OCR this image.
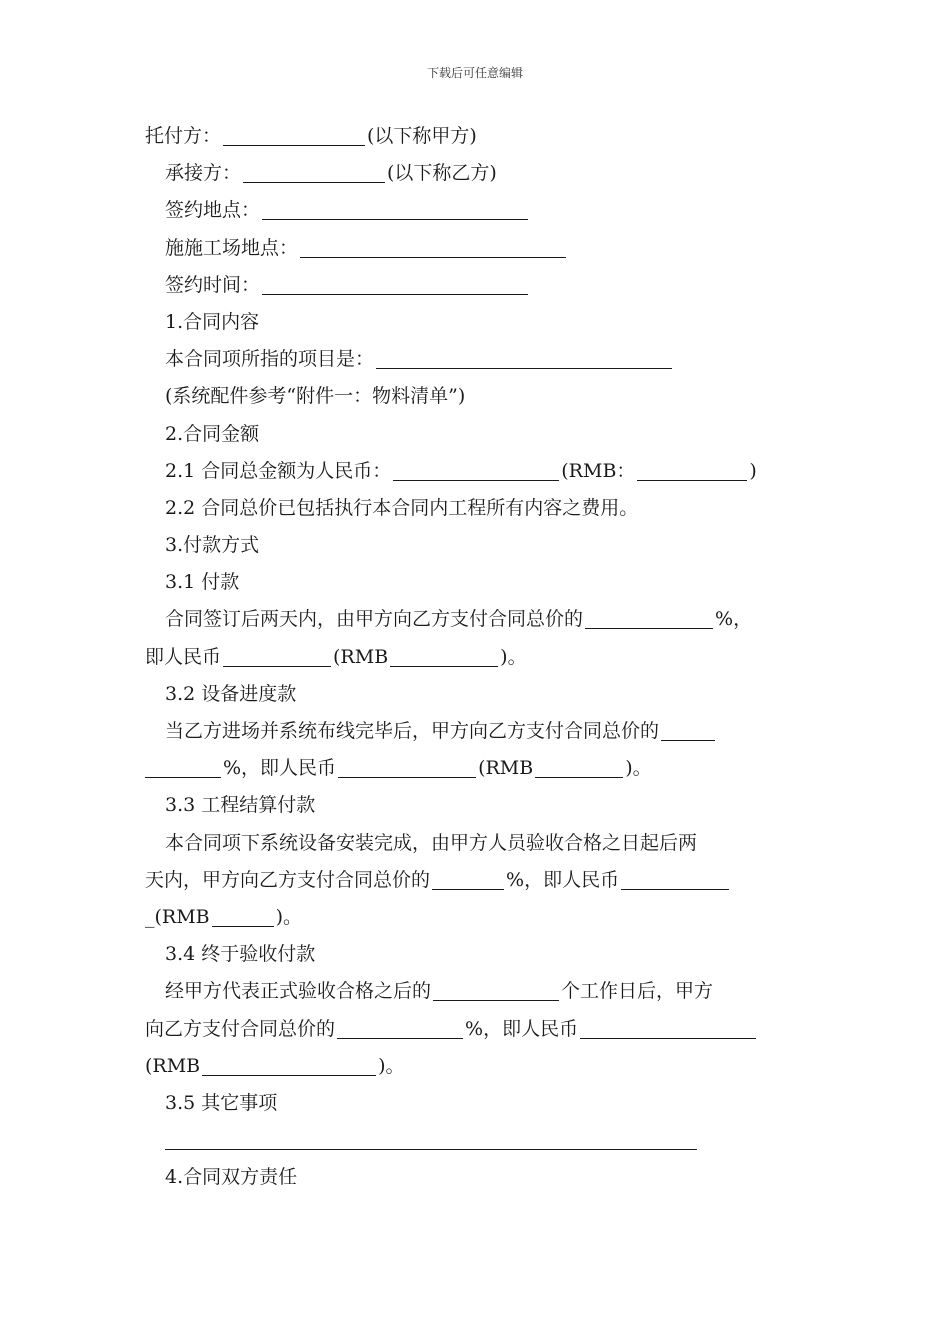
下载后可任意编辑
托付方：	(以下称甲方)
承接方：	(以下称乙方)
签约地点：
施施工场地点：
签约时间：
1.合同内容
本合同项所指的项目是：
(系统配件参考“附件一：物料清单”)
2.合同金额
2.1 合同总金额为人民币：	(RMB：	)
2.2 合同总价已包括执行本合同内工程所有内容之费用。
3.付款方式
3.1 付款
合同签订后两天内，由甲方向乙方支付合同总价的	%，
即人民币	(RMB	)。
3.2 设备进度款
当乙方进场并系统布线完毕后，甲方向乙方支付合同总价的
%，即人民币	(RMB	)。
3.3 工程结算付款
本合同项下系统设备安装完成，由甲方人员验收合格之日起后两
天内，甲方向乙方支付合同总价的	%，即人民币
_(RMB	)。
3.4 终于验收付款
经甲方代表正式验收合格之后的	个工作日后，甲方
向乙方支付合同总价的	%，即人民币
(RMB	)。
3.5 其它事项
4.合同双方责任
